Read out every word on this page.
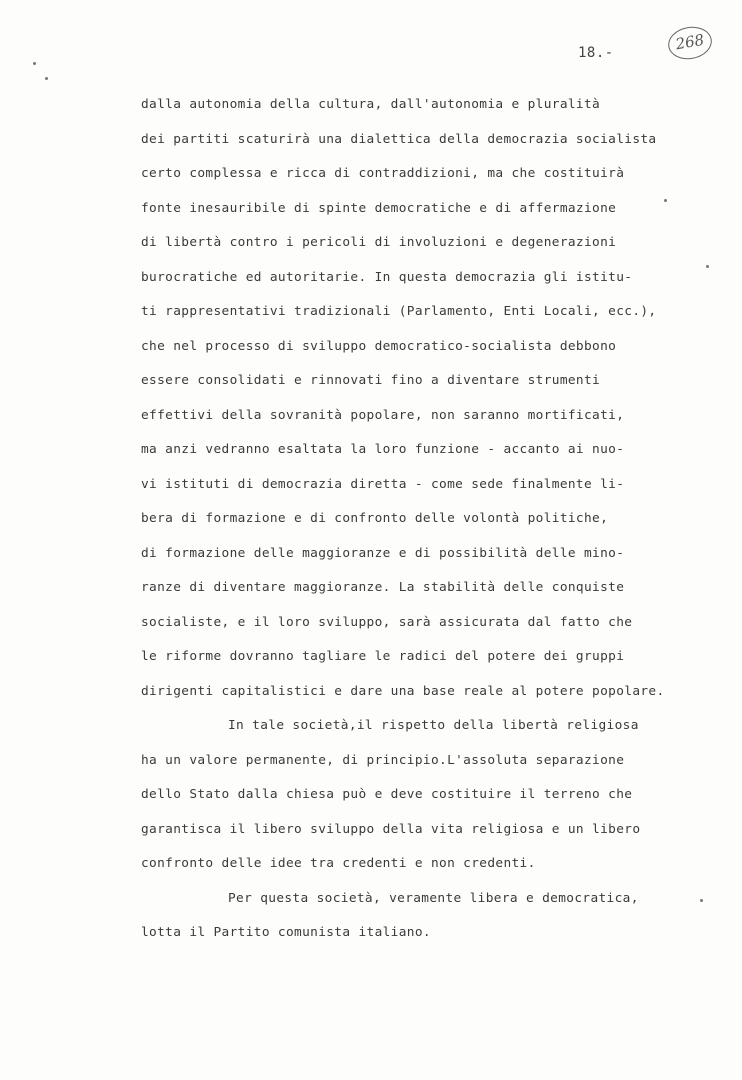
18.-	268
dalla autonomia della cultura, dall'autonomia e pluralità
dei partiti scaturirà una dialettica della democrazia socialista
certo complessa e ricca di contraddizioni, ma che costituirà
fonte inesauribile di spinte democratiche e di affermazione
di libertà contro i pericoli di involuzioni e degenerazioni
burocratiche ed autoritarie. In questa democrazia gli istitu-
ti rappresentativi tradizionali (Parlamento, Enti Locali, ecc.),
che nel processo di sviluppo democratico-socialista debbono
essere consolidati e rinnovati fino a diventare strumenti
effettivi della sovranità popolare, non saranno mortificati,
ma anzi vedranno esaltata la loro funzione - accanto ai nuo-
vi istituti di democrazia diretta - come sede finalmente li-
bera di formazione e di confronto delle volontà politiche,
di formazione delle maggioranze e di possibilità delle mino-
ranze di diventare maggioranze. La stabilità delle conquiste
socialiste, e il loro sviluppo, sarà assicurata dal fatto che
le riforme dovranno tagliare le radici del potere dei gruppi
dirigenti capitalistici e dare una base reale al potere popolare.
In tale società,il rispetto della libertà religiosa
ha un valore permanente, di principio.L'assoluta separazione
dello Stato dalla chiesa può e deve costituire il terreno che
garantisca il libero sviluppo della vita religiosa e un libero
confronto delle idee tra credenti e non credenti.
Per questa società, veramente libera e democratica,
lotta il Partito comunista italiano.
